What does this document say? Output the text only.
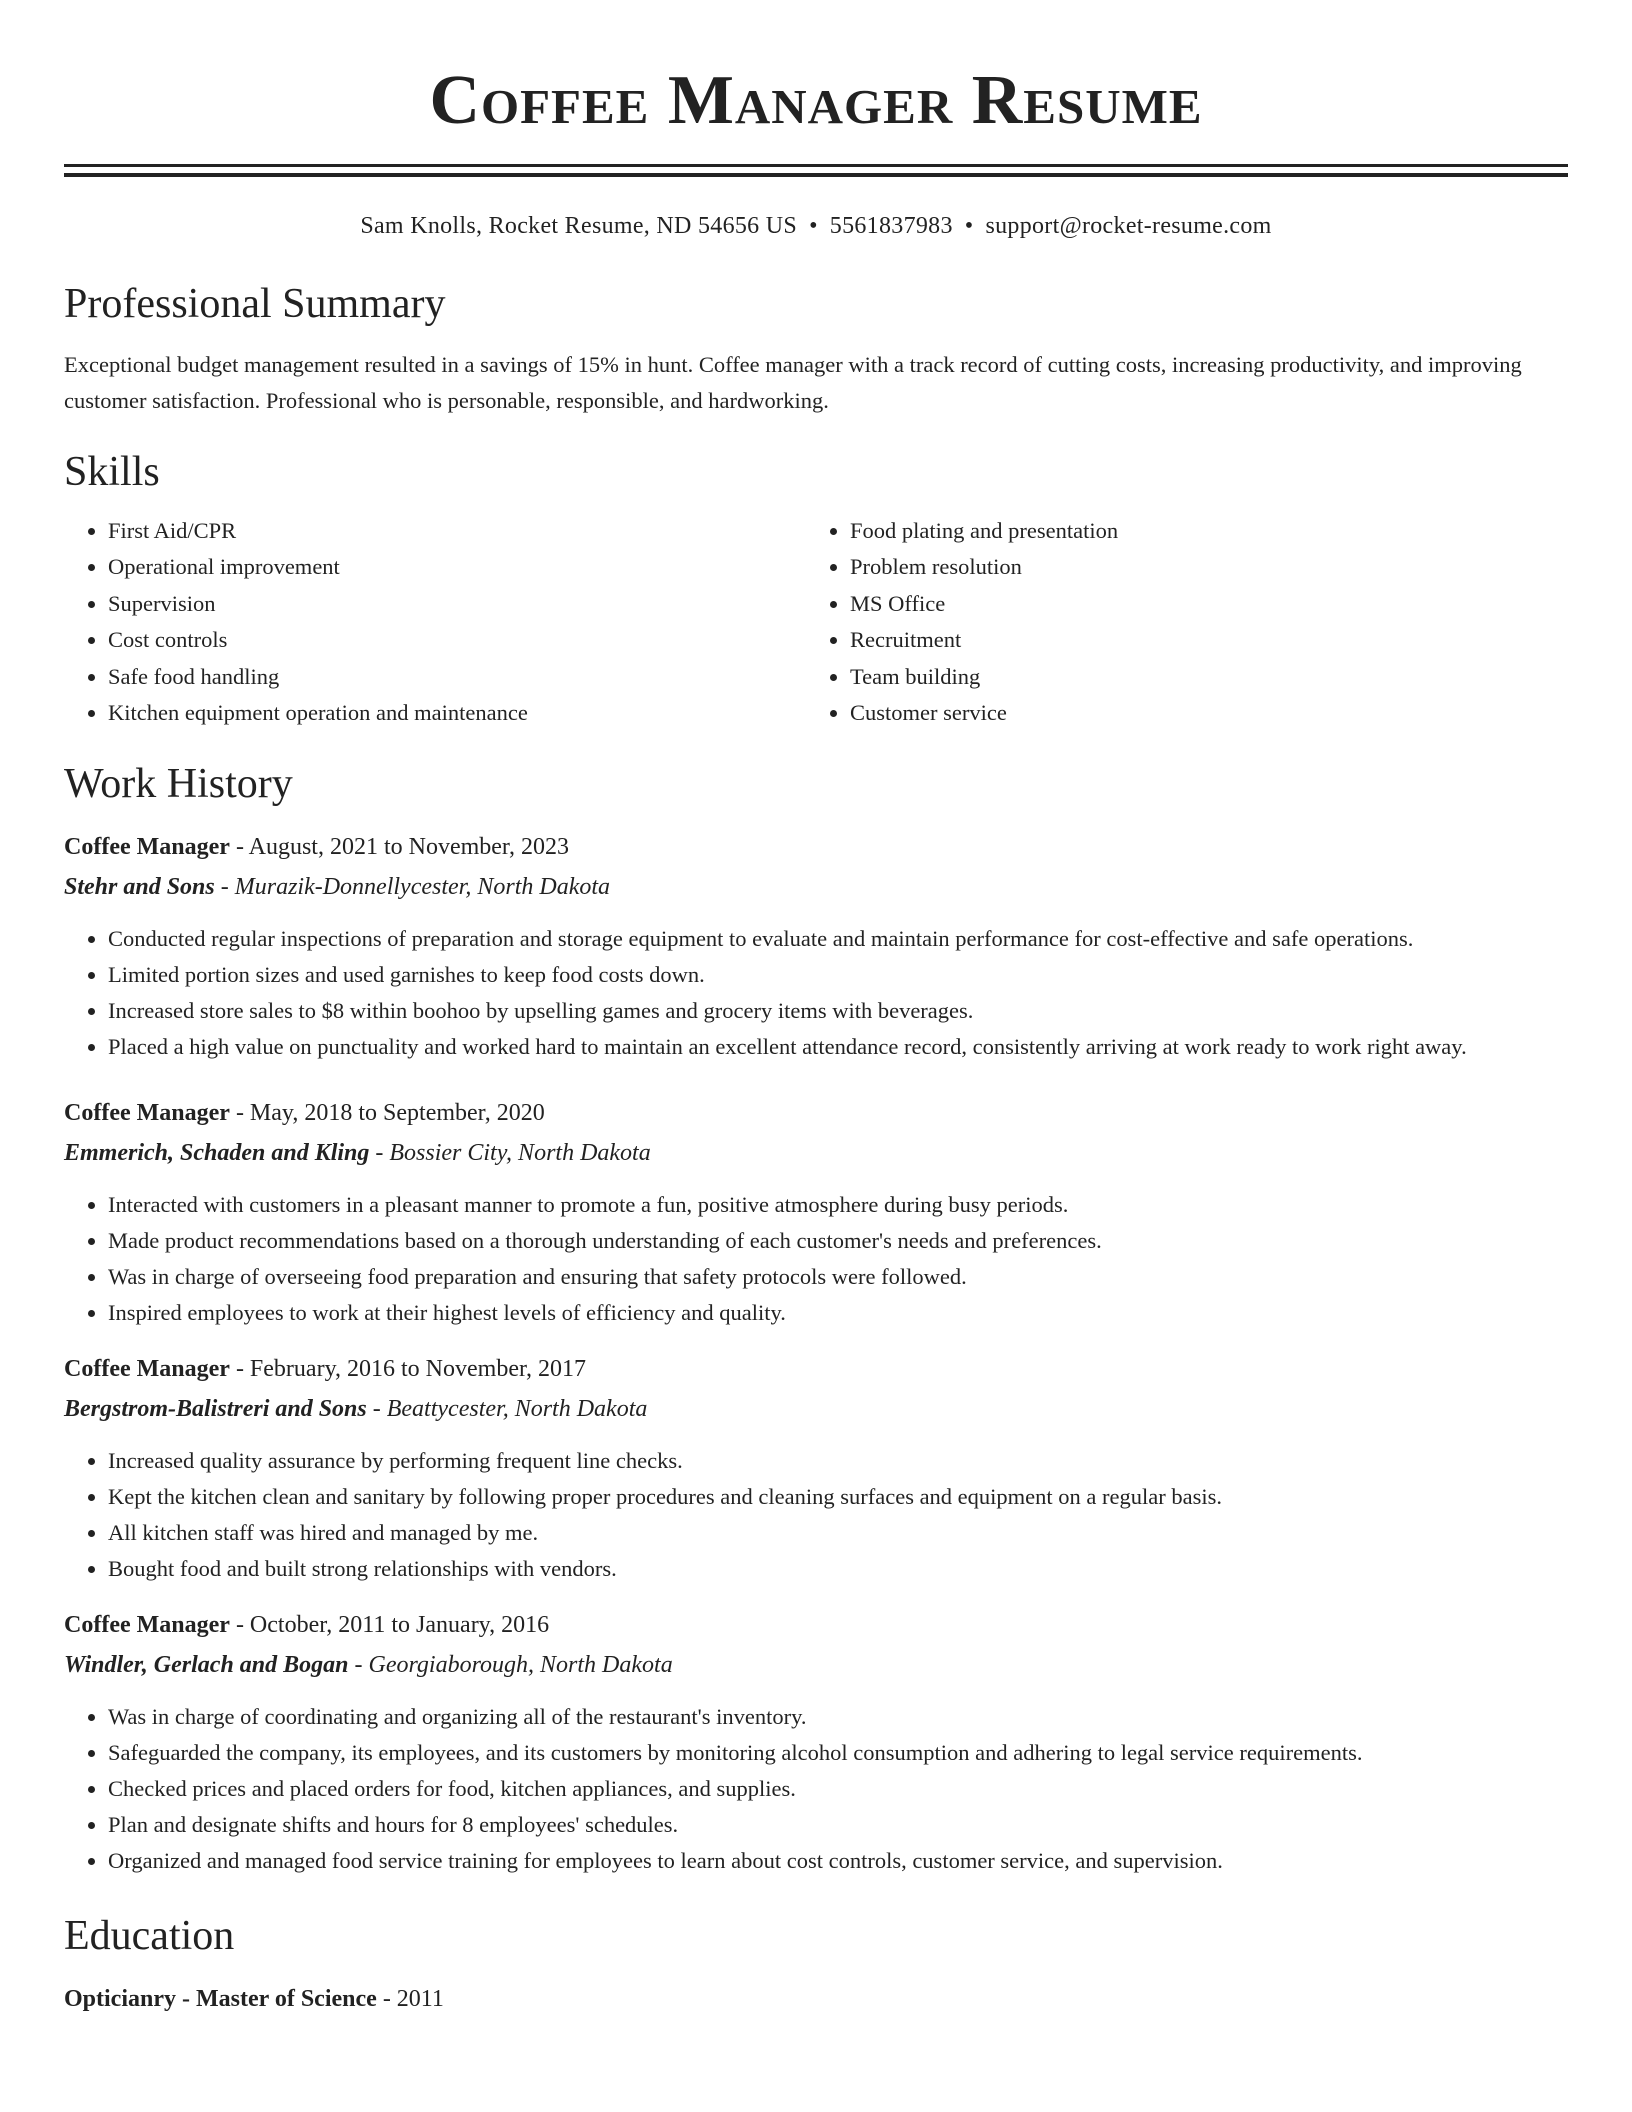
Coffee Manager Resume
Sam Knolls, Rocket Resume, ND 54656 US • 5561837983 • support@rocket-resume.com
Professional Summary

Exceptional budget management resulted in a savings of 15% in hunt. Coffee manager with a track record of cutting costs, increasing productivity, and improving customer satisfaction. Professional who is personable, responsible, and hardworking.

Skills
• First Aid/CPR
• Operational improvement
• Supervision
• Cost controls
• Safe food handling
• Kitchen equipment operation and maintenance
• Food plating and presentation
• Problem resolution
• MS Office
• Recruitment
• Team building
• Customer service
Work History
Coffee Manager - August, 2021 to November, 2023
Stehr and Sons - Murazik-Donnellycester, North Dakota
• Conducted regular inspections of preparation and storage equipment to evaluate and maintain performance for cost-effective and safe operations.
• Limited portion sizes and used garnishes to keep food costs down.
• Increased store sales to $8 within boohoo by upselling games and grocery items with beverages.
• Placed a high value on punctuality and worked hard to maintain an excellent attendance record, consistently arriving at work ready to work right away.
Coffee Manager - May, 2018 to September, 2020
Emmerich, Schaden and Kling - Bossier City, North Dakota
• Interacted with customers in a pleasant manner to promote a fun, positive atmosphere during busy periods.
• Made product recommendations based on a thorough understanding of each customer's needs and preferences.
• Was in charge of overseeing food preparation and ensuring that safety protocols were followed.
• Inspired employees to work at their highest levels of efficiency and quality.
Coffee Manager - February, 2016 to November, 2017
Bergstrom-Balistreri and Sons - Beattycester, North Dakota
• Increased quality assurance by performing frequent line checks.
• Kept the kitchen clean and sanitary by following proper procedures and cleaning surfaces and equipment on a regular basis.
• All kitchen staff was hired and managed by me.
• Bought food and built strong relationships with vendors.
Coffee Manager - October, 2011 to January, 2016
Windler, Gerlach and Bogan - Georgiaborough, North Dakota
• Was in charge of coordinating and organizing all of the restaurant's inventory.
• Safeguarded the company, its employees, and its customers by monitoring alcohol consumption and adhering to legal service requirements.
• Checked prices and placed orders for food, kitchen appliances, and supplies.
• Plan and designate shifts and hours for 8 employees' schedules.
• Organized and managed food service training for employees to learn about cost controls, customer service, and supervision.
Education
Opticianry - Master of Science - 2011
